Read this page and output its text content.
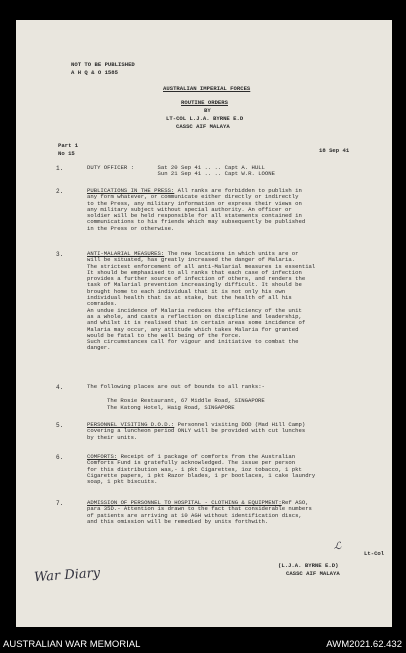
NOT TO BE PUBLISHED
A H Q & O 1585
AUSTRALIAN IMPERIAL FORCES
ROUTINE ORDERS
BY
LT-COL L.J.A. BYRNE E.D
CASSC AIF MALAYA
Part 1
No 15	18 Sep 41
1.	DUTY OFFICER :       Sat 20 Sep 41 .. .. Capt A. HULL
Sun 21 Sep 41 .. .. Capt W.R. LOONE
2.	PUBLICATIONS IN THE PRESS: All ranks are forbidden to publish in
any form whatever, or communicate either directly or indirectly
to the Press, any military information or express their views on
any military subject without special authority. An officer or
soldier will be held responsible for all statements contained in
communications to his friends which may subsequently be published
in the Press or otherwise.
3.	ANTI-MALARIAL MEASURES: The new locations in which units are or
will be situated, has greatly increased the danger of Malaria.
The strictest enforcement of all anti-Malarial measures is essential
It should be emphasised to all ranks that each case of infection
provides a further source of infection of others, and renders the
task of Malarial prevention increasingly difficult. It should be
brought home to each individual that it is not only his own
individual health that is at stake, but the health of all his
comrades.
An undue incidence of Malaria reduces the efficiency of the unit
as a whole, and casts a reflection on discipline and leadership,
and whilst it is realised that in certain areas some incidence of
Malaria may occur, any attitude which takes Malaria for granted
would be fatal to the well being of the force.
Such circumstances call for vigour and initiative to combat the
danger.
4.	The following places are out of bounds to all ranks:-
The Rosie Restaurant, 67 Middle Road, SINGAPORE
The Katong Hotel, Haig Road, SINGAPORE
5.	PERSONNEL VISITING D.O.D.: Personnel visiting DOD (Mad Hill Camp)
covering a luncheon period ONLY will be provided with cut lunches
by their units.
6.	COMFORTS: Receipt of 1 package of comforts from the Australian
Comforts Fund is gratefully acknowledged. The issue per person
for this distribution was,- 1 pkt Cigarettes, 1oz tobacco, 1 pkt
Cigarette papers, 1 pkt Razor blades, 1 pr bootlaces, 1 cake laundry
soap, 1 pkt biscuits.
7.	ADMISSION OF PERSONNEL TO HOSPITAL - CLOTHING & EQUIPMENT:Ref ASO,
para 35D.- Attention is drawn to the fact that considerable numbers
of patients are arriving at 10 AGH without identification discs,
and this omission will be remedied by units forthwith.
ℒ
Lt-Col
(L.J.A. BYRNE E.D)
CASSC AIF MALAYA
War Diary
AUSTRALIAN WAR MEMORIAL	AWM2021.62.432
